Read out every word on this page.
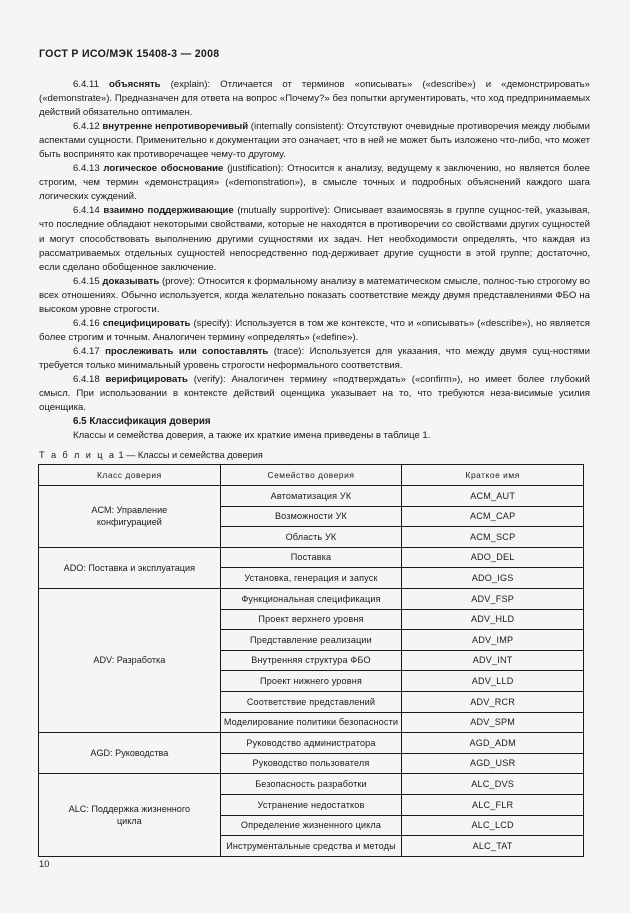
ГОСТ Р ИСО/МЭК 15408-3 — 2008

6.4.11 объяснять (explain): Отличается от терминов «описывать» («describe») и «демонстрировать» («demonstrate»). Предназначен для ответа на вопрос «Почему?» без попытки аргументировать, что ход предпринимаемых действий обязательно оптимален.

6.4.12 внутренне непротиворечивый (internally consistent): Отсутствуют очевидные противоречия между любыми аспектами сущности. Применительно к документации это означает, что в ней не может быть изложено что-либо, что может быть воспринято как противоречащее чему-то другому.

6.4.13 логическое обоснование (justification): Относится к анализу, ведущему к заключению, но является более строгим, чем термин «демонстрация» («demonstration»), в смысле точных и подробных объяснений каждого шага логических суждений.

6.4.14 взаимно поддерживающие (mutually supportive): Описывает взаимосвязь в группе сущнос-тей, указывая, что последние обладают некоторыми свойствами, которые не находятся в противоречии со свойствами других сущностей и могут способствовать выполнению другими сущностями их задач. Нет необходимости определять, что каждая из рассматриваемых отдельных сущностей непосредственно под-держивает другие сущности в этой группе; достаточно, если сделано обобщенное заключение.

6.4.15 доказывать (prove): Относится к формальному анализу в математическом смысле, полнос-тью строгому во всех отношениях. Обычно используется, когда желательно показать соответствие между двумя представлениями ФБО на высоком уровне строгости.

6.4.16 специфицировать (specify): Используется в том же контексте, что и «описывать» («describe»), но является более строгим и точным. Аналогичен термину «определять» («define»).

6.4.17 прослеживать или сопоставлять (trace): Используется для указания, что между двумя сущ-ностями требуется только минимальный уровень строгости неформального соответствия.

6.4.18 верифицировать (verify): Аналогичен термину «подтверждать» («confirm»), но имеет более глубокий смысл. При использовании в контексте действий оценщика указывает на то, что требуются неза-висимые усилия оценщика.

6.5 Классификация доверия

Классы и семейства доверия, а также их краткие имена приведены в таблице 1.

Т а б л и ц а 1 — Классы и семейства доверия
Класс доверия	Семейство доверия	Краткое имя
ACM: Управление
конфигурацией	Автоматизация УК	ACM_AUT
	Возможности УК	ACM_CAP
	Область УК	ACM_SCP
ADO: Поставка и эксплуатация	Поставка	ADO_DEL
	Установка, генерация и запуск	ADO_IGS
ADV: Разработка	Функциональная спецификация	ADV_FSP
	Проект верхнего уровня	ADV_HLD
	Представление реализации	ADV_IMP
	Внутренняя структура ФБО	ADV_INT
	Проект нижнего уровня	ADV_LLD
	Соответствие представлений	ADV_RCR
	Моделирование политики безопасности	ADV_SPM
AGD: Руководства	Руководство администратора	AGD_ADM
	Руководство пользователя	AGD_USR
ALC: Поддержка жизненного
цикла	Безопасность разработки	ALC_DVS
	Устранение недостатков	ALC_FLR
	Определение жизненного цикла	ALC_LCD
	Инструментальные средства и методы	ALC_TAT
10
